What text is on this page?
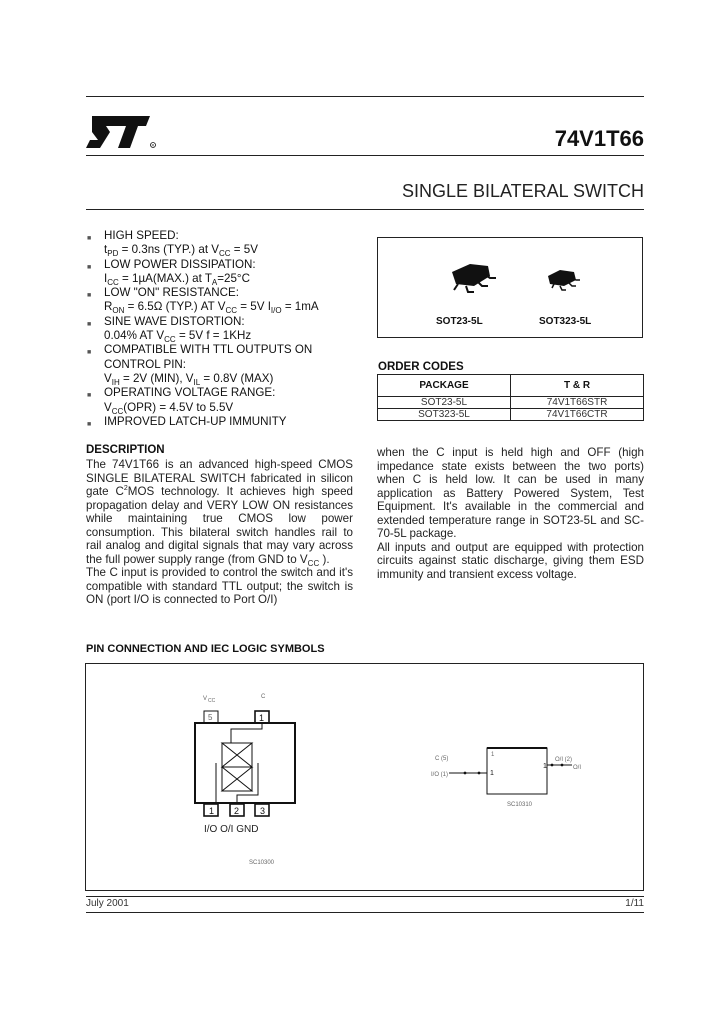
R	74V1T66
SINGLE BILATERAL SWITCH
■ HIGH SPEED:
$t_{PD} = 0.3ns$ (TYP.) at $V_{CC} = 5V$
■ LOW POWER DISSIPATION:
$I_{CC} = 1\mu A(MAX.)$ at $T_A=25^\circ C$
■ LOW "ON" RESISTANCE:
$R_{ON} = 6.5\Omega$ (TYP.) AT $V_{CC} = 5V$ $I_{I/O} = 1mA$
■ SINE WAVE DISTORTION:
0.04% AT $V_{CC} = 5V$ f = 1KHz
■ COMPATIBLE WITH TTL OUTPUTS ON CONTROL PIN:
$V_{IH} = 2V$ (MIN), $V_{IL} = 0.8V$ (MAX)
■ OPERATING VOLTAGE RANGE:
$V_{CC}(OPR) = 4.5V$ to 5.5V
■ IMPROVED LATCH-UP IMMUNITY
SOT23-5L	SOT323-5L
ORDER CODES
PACKAGE	T & R
SOT23-5L	74V1T66STR
SOT323-5L	74V1T66CTR
DESCRIPTION
The 74V1T66 is an advanced high-speed CMOS SINGLE BILATERAL SWITCH fabricated in silicon gate $C^2MOS$ technology. It achieves high speed propagation delay and VERY LOW ON resistances while maintaining true CMOS low power consumption. This bilateral switch handles rail to rail analog and digital signals that may vary across the full power supply range (from GND to $V_{CC}$ ).
The C input is provided to control the switch and it's compatible with standard TTL output; the switch is ON (port I/O is connected to Port O/I)
when the C input is held high and OFF (high impedance state exists between the two ports) when C is held low. It can be used in many application as Battery Powered System, Test Equipment. It's available in the commercial and extended temperature range in SOT23-5L and SC-70-5L package.
All inputs and output are equipped with protection circuits against static discharge, giving them ESD immunity and transient excess voltage.
PIN CONNECTION AND IEC LOGIC SYMBOLS
V CC
C
5	1
1 2 3
I/O O/I GND
SC10300
C (5)
I/O (1)
1
1
1
O/I (2)
O/I
SC10310
July 2001	1/11
